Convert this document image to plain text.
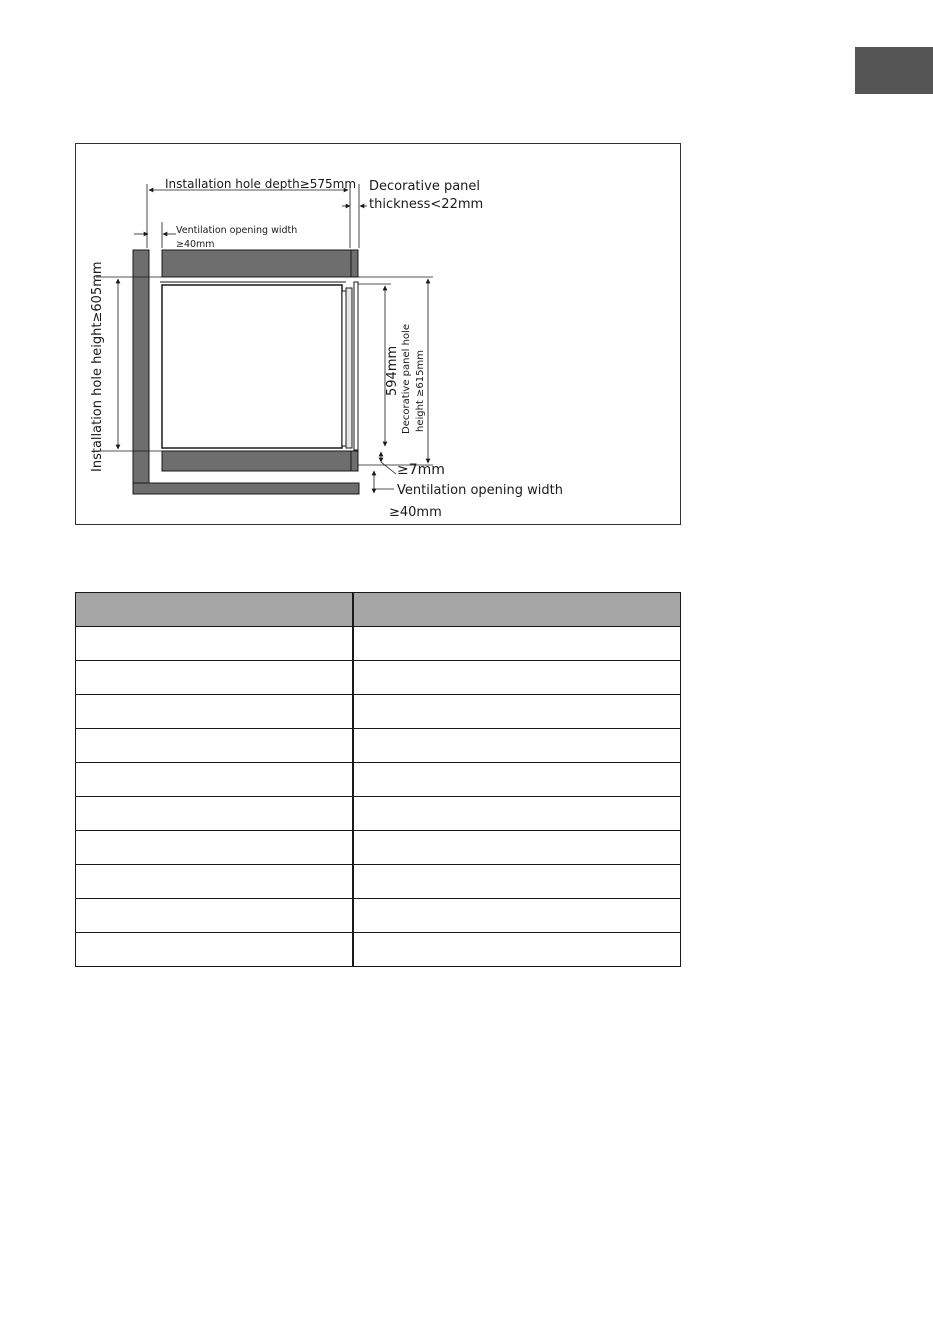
Installation hole depth≥575mm Decorative panel
thickness<22mm
Ventilation opening width
≥40mm
Installation hole height≥605mm	594mm Decorative panel hole height ≥615mm
≥7mm
Ventilation opening width
≥40mm
